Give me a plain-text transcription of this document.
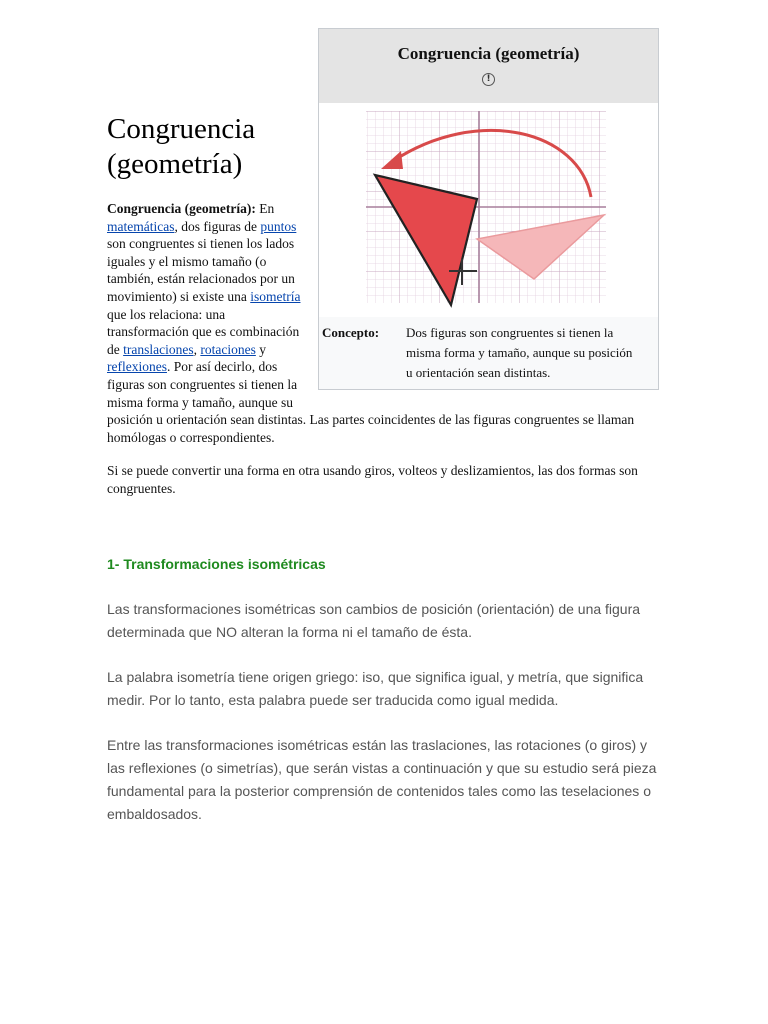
Congruencia (geometría)
!
Concepto:	Dos figuras son congruentes si tienen la misma forma y tamaño, aunque su posición u orientación sean distintas.
Congruencia (geometría)
Congruencia (geometría): En matemáticas, dos figuras de puntos son congruentes si tienen los lados iguales y el mismo tamaño (o también, están relacionados por un movimiento) si existe una isometría que los relaciona: una transformación que es combinación de translaciones, rotaciones y reflexiones. Por así decirlo, dos figuras son congruentes si tienen la misma forma y tamaño, aunque su posición u orientación sean distintas. Las partes coincidentes de las figuras congruentes se llaman homólogas o correspondientes.
Si se puede convertir una forma en otra usando giros, volteos y deslizamientos, las dos formas son congruentes.
1- Transformaciones isométricas

Las transformaciones isométricas son cambios de posición (orientación) de una figura determinada que NO alteran la forma ni el tamaño de ésta.

La palabra isometría tiene origen griego: iso, que significa igual, y metría, que significa medir. Por lo tanto, esta palabra puede ser traducida como igual medida.

Entre las transformaciones isométricas están las traslaciones, las rotaciones (o giros) y las reflexiones (o simetrías), que serán vistas a continuación y que su estudio será pieza fundamental para la posterior comprensión de contenidos tales como las teselaciones o embaldosados.
